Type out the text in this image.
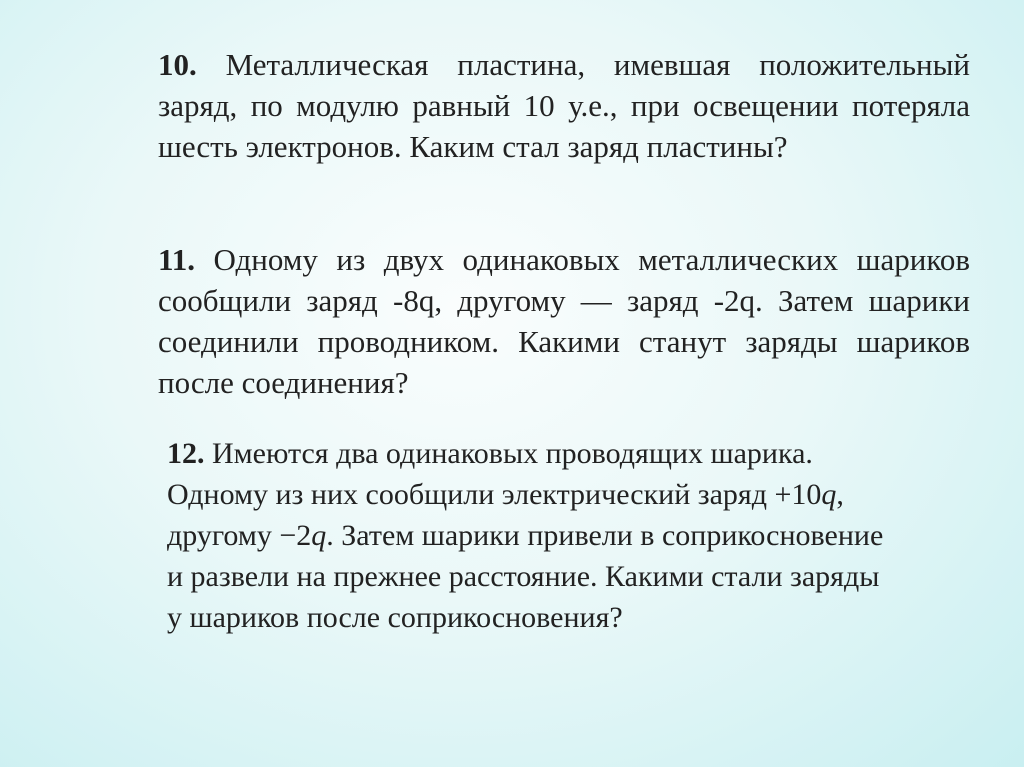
10. Металлическая пластина, имевшая положительный заряд, по модулю равный 10 у.е., при освещении потеряла шесть электронов. Каким стал заряд пластины?

11. Одному из двух одинаковых металлических шариков сообщили заряд -8q, другому — заряд -2q. Затем шарики соединили проводником. Какими станут заряды шариков после соединения?

12. Имеются два одинаковых проводящих шарика.
Одному из них сообщили электрический заряд +10q,
другому −2q. Затем шарики привели в соприкосновение
и развели на прежнее расстояние. Какими стали заряды
у шариков после соприкосновения?
